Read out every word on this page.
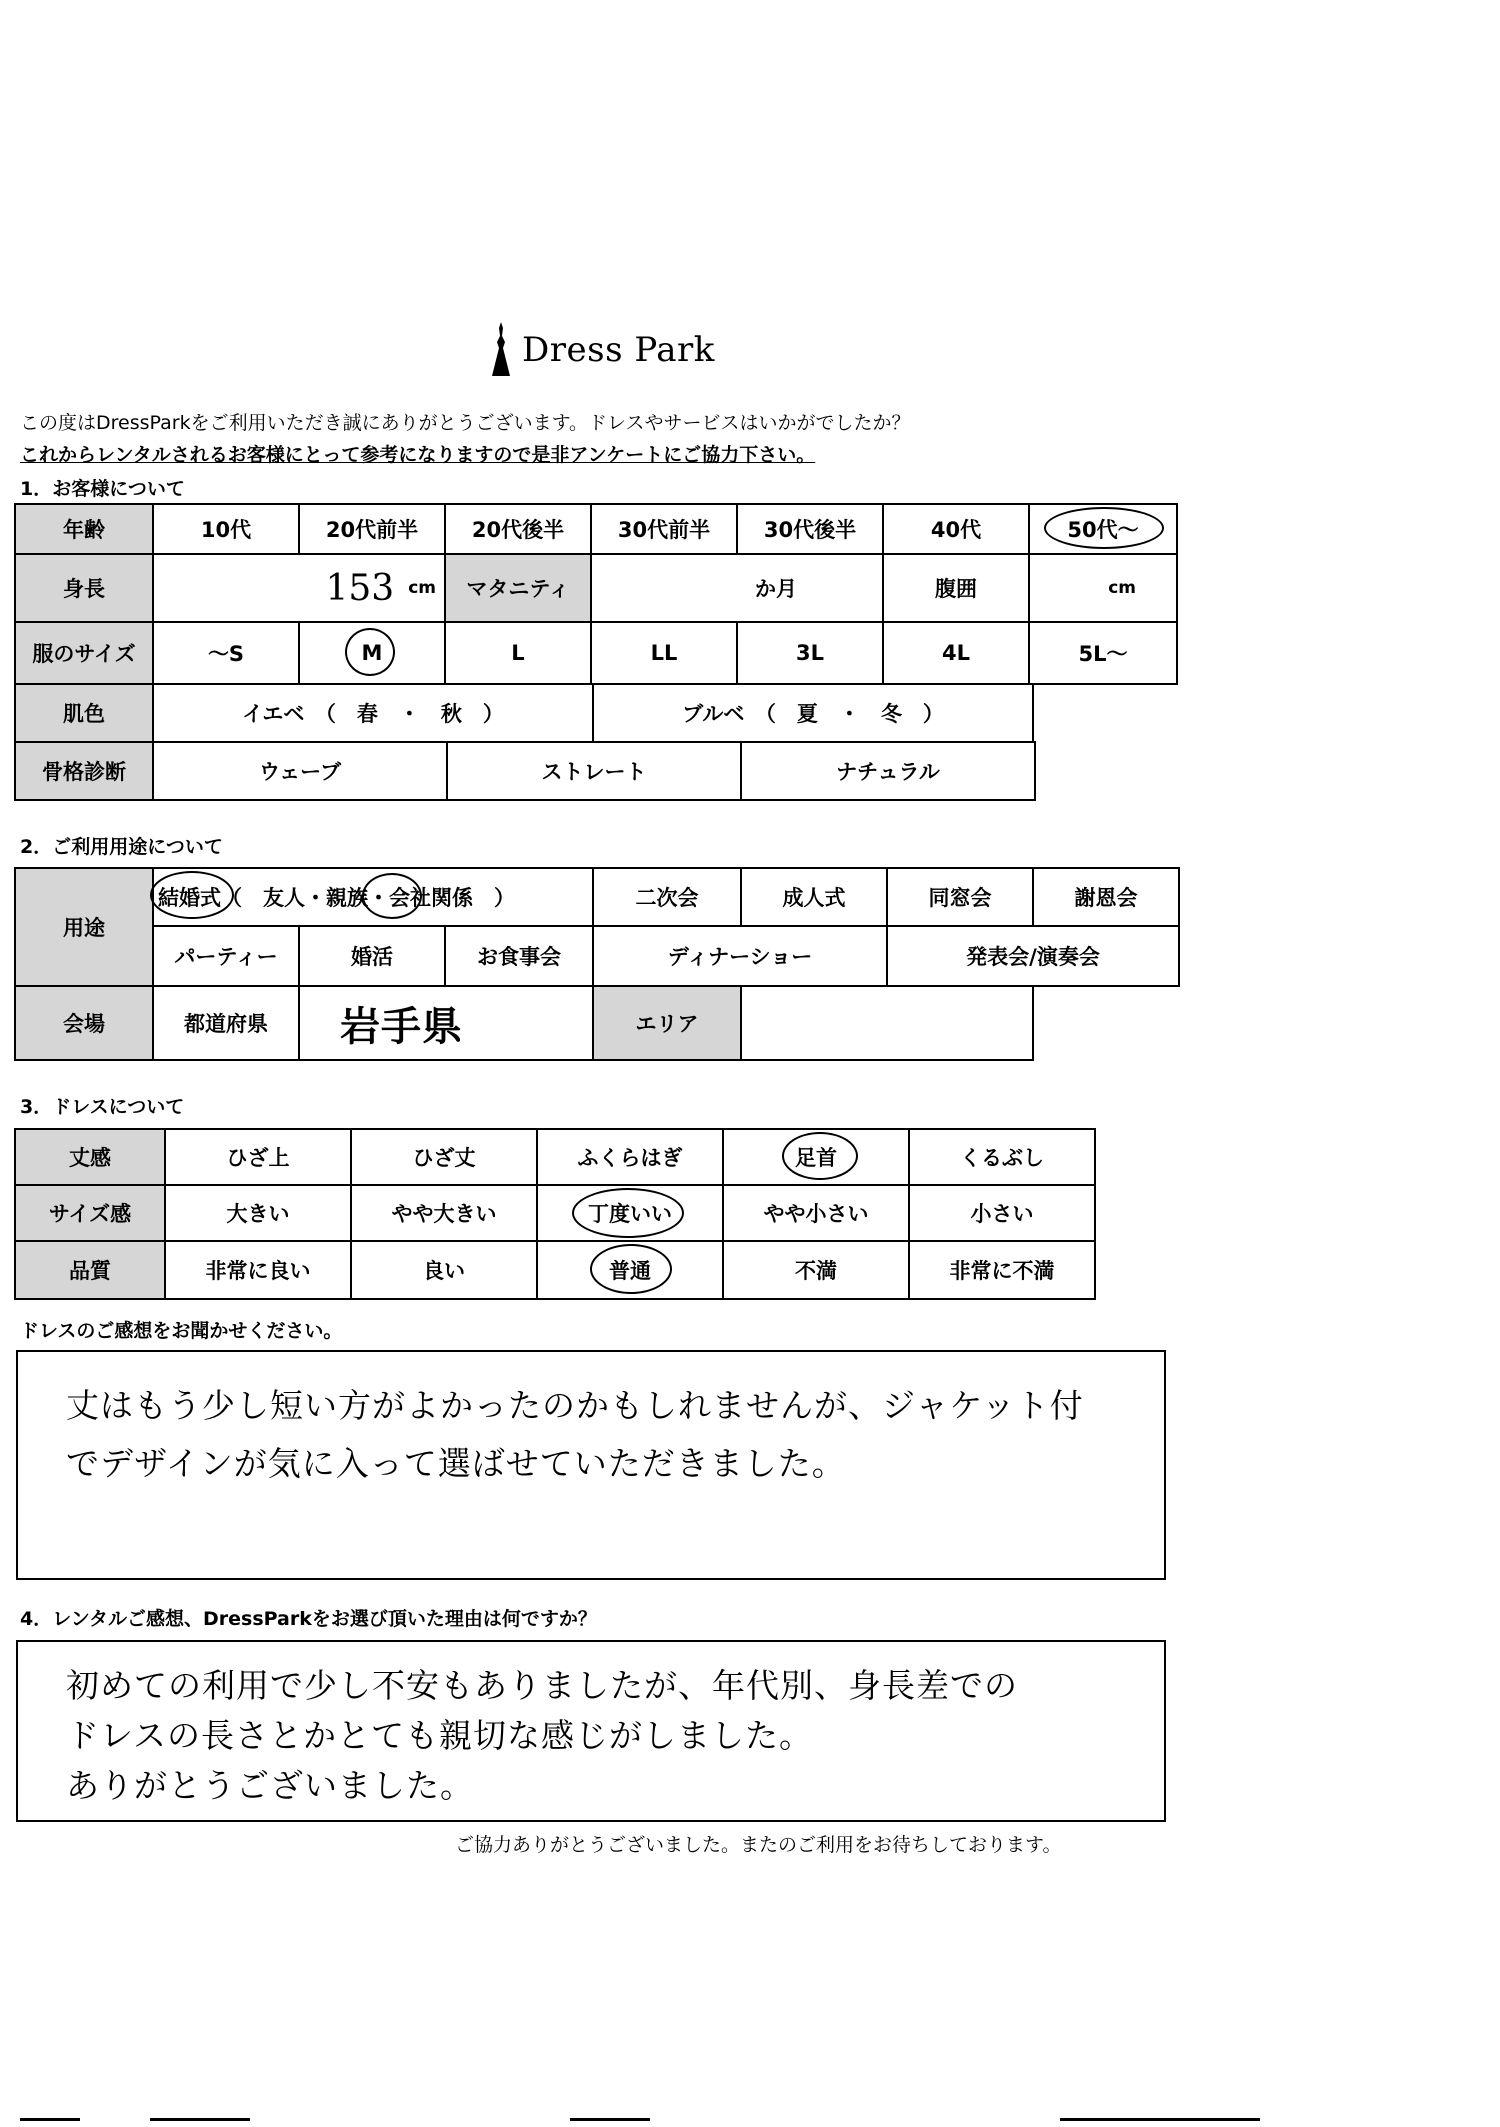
Dress Park
この度はDressParkをご利用いただき誠にありがとうございます。ドレスやサービスはいかがでしたか？
これからレンタルされるお客様にとって参考になりますので是非アンケートにご協力下さい。
1．お客様について
年齢	10代	20代前半	20代後半	30代前半	30代後半	40代	50代～
身長	153 cm	マタニティ	か月	腹囲	cm
服のサイズ	～S	M	L	LL	3L	4L	5L～
肌色	イエベ　（　春　・　秋　）	ブルベ　（　夏　・　冬　）
骨格診断	ウェーブ	ストレート	ナチュラル
2．ご利用用途について
用途
結婚式（　友人・親族・会社関係　）	二次会	成人式	同窓会	謝恩会
パーティー	婚活	お食事会	ディナーショー	発表会/演奏会
会場	都道府県	岩手県	エリア
3．ドレスについて
丈感	ひざ上	ひざ丈	ふくらはぎ	足首	くるぶし
サイズ感	大きい	やや大きい	丁度いい	やや小さい	小さい
品質	非常に良い	良い	普通	不満	非常に不満
ドレスのご感想をお聞かせください。
丈はもう少し短い方がよかったのかもしれませんが、ジャケット付
でデザインが気に入って選ばせていただきました。
4．レンタルご感想、DressParkをお選び頂いた理由は何ですか？
初めての利用で少し不安もありましたが、年代別、身長差での
ドレスの長さとかとても親切な感じがしました。
ありがとうございました。
ご協力ありがとうございました。またのご利用をお待ちしております。
